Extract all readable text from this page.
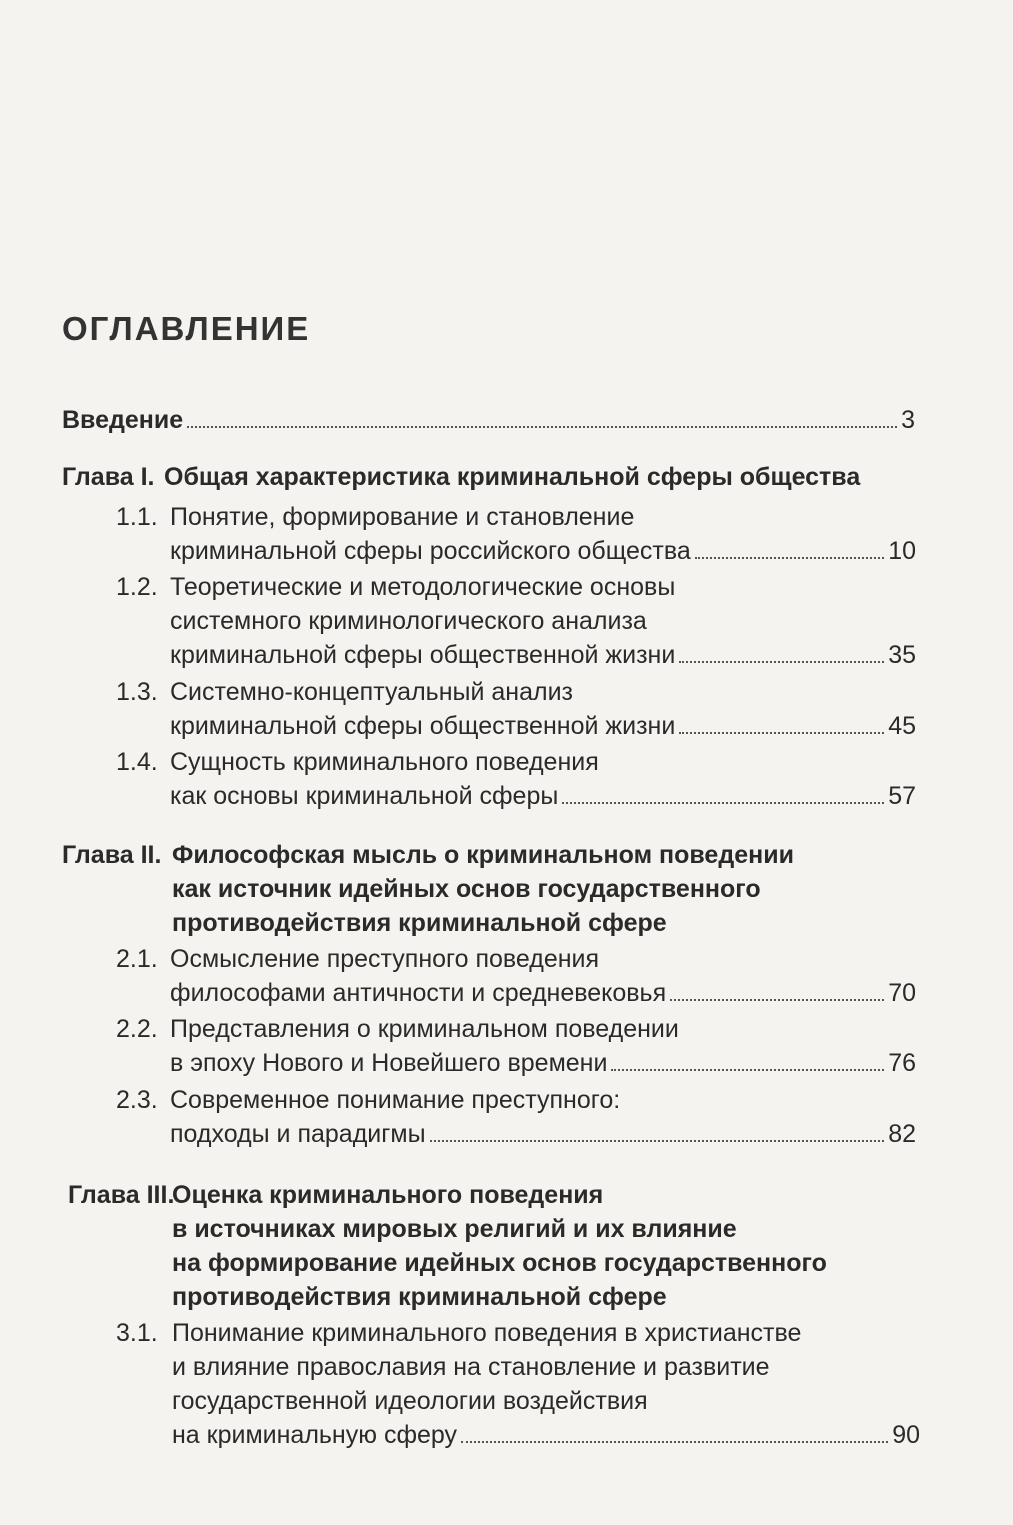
ОГЛАВЛЕНИЕ
Введение	3
Глава I. Общая характеристика криминальной сферы общества
1.1. Понятие, формирование и становление
криминальной сферы российского общества	10
1.2. Теоретические и методологические основы
системного криминологического анализа
криминальной сферы общественной жизни	35
1.3. Системно-концептуальный анализ
криминальной сферы общественной жизни	45
1.4. Сущность криминального поведения
как основы криминальной сферы	57
Глава II. Философская мысль о криминальном поведении
как источник идейных основ государственного
противодействия криминальной сфере
2.1. Осмысление преступного поведения
философами античности и средневековья	70
2.2. Представления о криминальном поведении
в эпоху Нового и Новейшего времени	76
2.3. Современное понимание преступного:
подходы и парадигмы	82
Глава III.
Оценка криминального поведения
в источниках мировых религий и их влияние
на формирование идейных основ государственного
противодействия криминальной сфере
3.1. Понимание криминального поведения в христианстве
и влияние православия на становление и развитие
государственной идеологии воздействия
на криминальную сферу	90
